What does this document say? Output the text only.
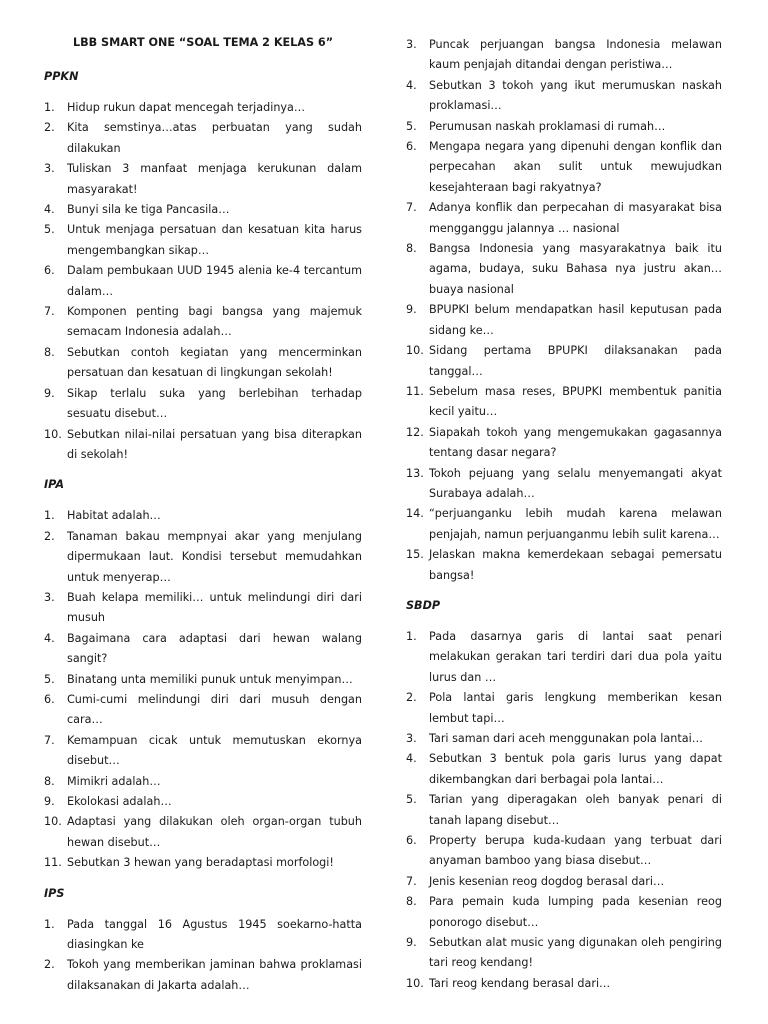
LBB SMART ONE “SOAL TEMA 2 KELAS 6”
PPKN
1.	Hidup rukun dapat mencegah terjadinya…
2.	Kita semstinya…atas perbuatan yang sudah dilakukan
3.	Tuliskan 3 manfaat menjaga kerukunan dalam masyarakat!
4.	Bunyi sila ke tiga Pancasila…
5.	Untuk menjaga persatuan dan kesatuan kita harus mengembangkan sikap…
6.	Dalam pembukaan UUD 1945 alenia ke-4 tercantum dalam…
7.	Komponen penting bagi bangsa yang majemuk semacam Indonesia adalah…
8.	Sebutkan contoh kegiatan yang mencerminkan persatuan dan kesatuan di lingkungan sekolah!
9.	Sikap terlalu suka yang berlebihan terhadap sesuatu disebut…
10. Sebutkan nilai-nilai persatuan yang bisa diterapkan di sekolah!
IPA
1.	Habitat adalah…
2.	Tanaman bakau mempnyai akar yang menjulang dipermukaan laut. Kondisi tersebut memudahkan untuk menyerap…
3.	Buah kelapa memiliki… untuk melindungi diri dari musuh
4.	Bagaimana cara adaptasi dari hewan walang sangit?
5.	Binatang unta memiliki punuk untuk menyimpan…
6.	Cumi-cumi melindungi diri dari musuh dengan cara…
7.	Kemampuan cicak untuk memutuskan ekornya disebut…
8.	Mimikri adalah…
9.	Ekolokasi adalah…
10. Adaptasi yang dilakukan oleh organ-organ tubuh hewan disebut…
11. Sebutkan 3 hewan yang beradaptasi morfologi!
IPS
1.	Pada tanggal 16 Agustus 1945 soekarno-hatta diasingkan ke
2.	Tokoh yang memberikan jaminan bahwa proklamasi dilaksanakan di Jakarta adalah…
3.	Puncak perjuangan bangsa Indonesia melawan kaum penjajah ditandai dengan peristiwa…
4.	Sebutkan 3 tokoh yang ikut merumuskan naskah proklamasi…
5.	Perumusan naskah proklamasi di rumah…
6.	Mengapa negara yang dipenuhi dengan konflik dan perpecahan akan sulit untuk mewujudkan kesejahteraan bagi rakyatnya?
7.	Adanya konflik dan perpecahan di masyarakat bisa mengganggu jalannya … nasional
8.	Bangsa Indonesia yang masyarakatnya baik itu agama, budaya, suku Bahasa nya justru akan… buaya nasional
9.	BPUPKI belum mendapatkan hasil keputusan pada sidang ke…
10. Sidang pertama BPUPKI dilaksanakan pada tanggal…
11. Sebelum masa reses, BPUPKI membentuk panitia kecil yaitu…
12. Siapakah tokoh yang mengemukakan gagasannya tentang dasar negara?
13. Tokoh pejuang yang selalu menyemangati akyat Surabaya adalah…
14. “perjuanganku lebih mudah karena melawan penjajah, namun perjuanganmu lebih sulit karena…
15. Jelaskan makna kemerdekaan sebagai pemersatu bangsa!
SBDP
1.	Pada dasarnya garis di lantai saat penari melakukan gerakan tari terdiri dari dua pola yaitu lurus dan …
2.	Pola lantai garis lengkung memberikan kesan lembut tapi…
3.	Tari saman dari aceh menggunakan pola lantai…
4.	Sebutkan 3 bentuk pola garis lurus yang dapat dikembangkan dari berbagai pola lantai…
5.	Tarian yang diperagakan oleh banyak penari di tanah lapang disebut…
6.	Property berupa kuda-kudaan yang terbuat dari anyaman bamboo yang biasa disebut…
7.	Jenis kesenian reog dogdog berasal dari…
8.	Para pemain kuda lumping pada kesenian reog ponorogo disebut…
9.	Sebutkan alat music yang digunakan oleh pengiring tari reog kendang!
10. Tari reog kendang berasal dari…
